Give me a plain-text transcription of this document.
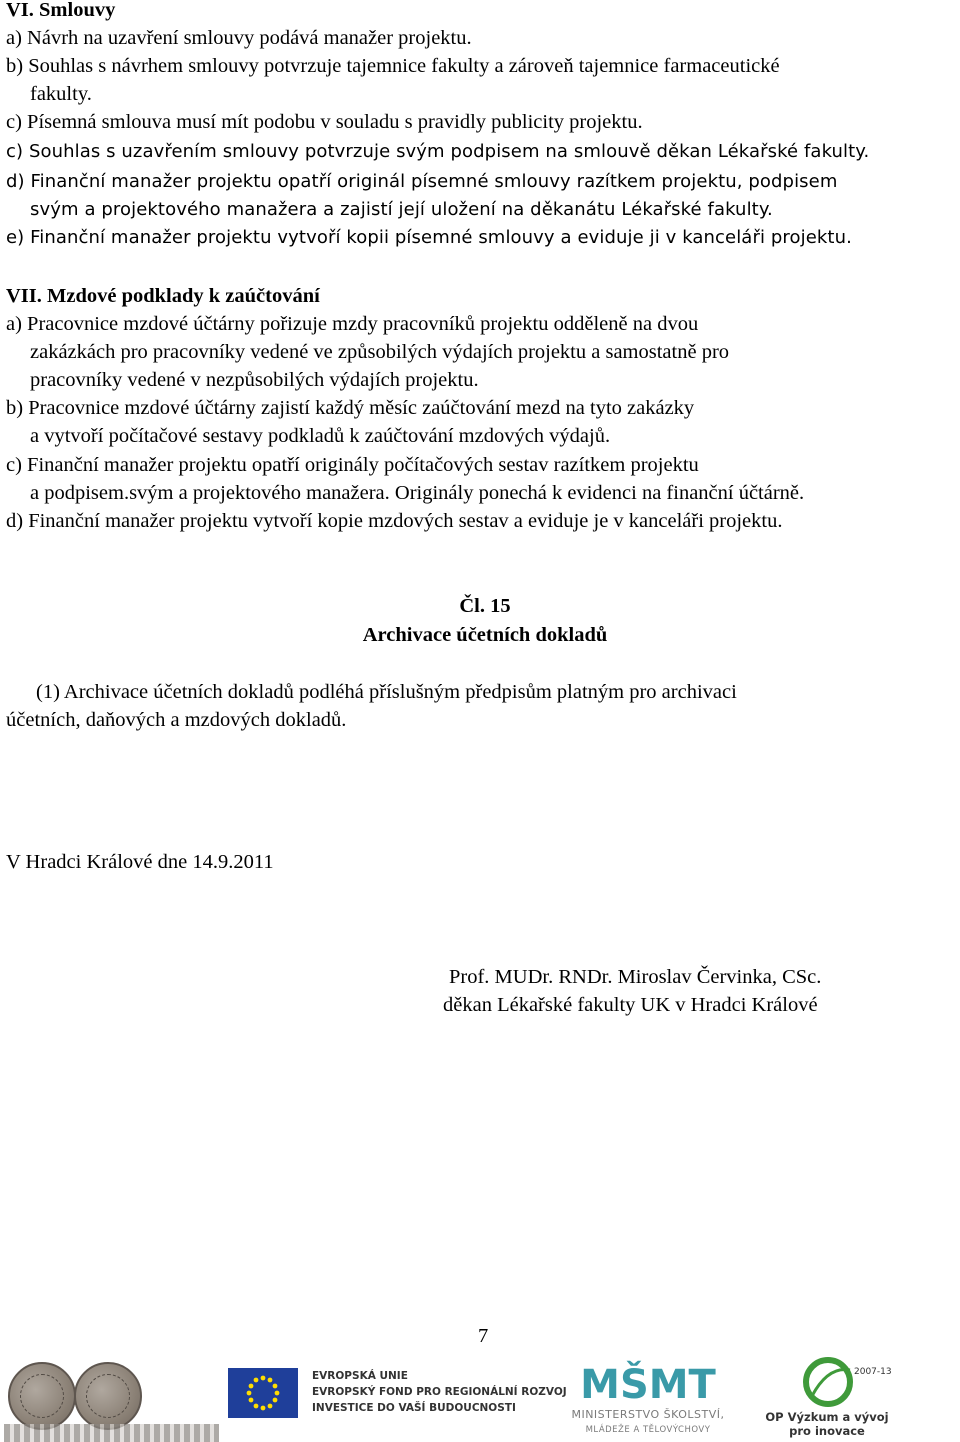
VI. Smlouvy
a) Návrh na uzavření smlouvy podává manažer projektu.
b) Souhlas s návrhem smlouvy potvrzuje tajemnice fakulty a zároveň tajemnice farmaceutické
fakulty.
c) Písemná smlouva musí mít podobu v souladu s pravidly publicity projektu.
c) Souhlas s uzavřením smlouvy potvrzuje svým podpisem na smlouvě děkan Lékařské fakulty.
d) Finanční manažer projektu opatří originál písemné smlouvy razítkem projektu, podpisem
svým a projektového manažera a zajistí její uložení na děkanátu Lékařské fakulty.
e) Finanční manažer projektu vytvoří kopii písemné smlouvy a eviduje ji v kanceláři projektu.
VII. Mzdové podklady k zaúčtování
a) Pracovnice mzdové účtárny pořizuje mzdy pracovníků projektu odděleně na dvou
zakázkách pro pracovníky vedené ve způsobilých výdajích projektu a samostatně pro
pracovníky vedené v nezpůsobilých výdajích projektu.
b) Pracovnice mzdové účtárny zajistí každý měsíc zaúčtování mezd na tyto zakázky
a vytvoří počítačové sestavy podkladů k zaúčtování mzdových výdajů.
c) Finanční manažer projektu opatří originály počítačových sestav razítkem projektu
a podpisem.svým a projektového manažera. Originály ponechá k evidenci na finanční účtárně.
d) Finanční manažer projektu vytvoří kopie mzdových sestav a eviduje je v kanceláři projektu.
Čl. 15
Archivace účetních dokladů
(1) Archivace účetních dokladů podléhá příslušným předpisům platným pro archivaci
účetních, daňových a mzdových dokladů.
V Hradci Králové dne 14.9.2011
Prof. MUDr. RNDr. Miroslav Červinka, CSc.
děkan Lékařské fakulty UK v Hradci Králové
7
EVROPSKÁ UNIE
EVROPSKÝ FOND PRO REGIONÁLNÍ ROZVOJ
INVESTICE DO VAŠÍ BUDOUCNOSTI	MŠMT
MINISTERSTVO ŠKOLSTVÍ,
MLÁDEŽE A TĚLOVÝCHOVY
2007-13
OP Výzkum a vývoj
pro inovace
